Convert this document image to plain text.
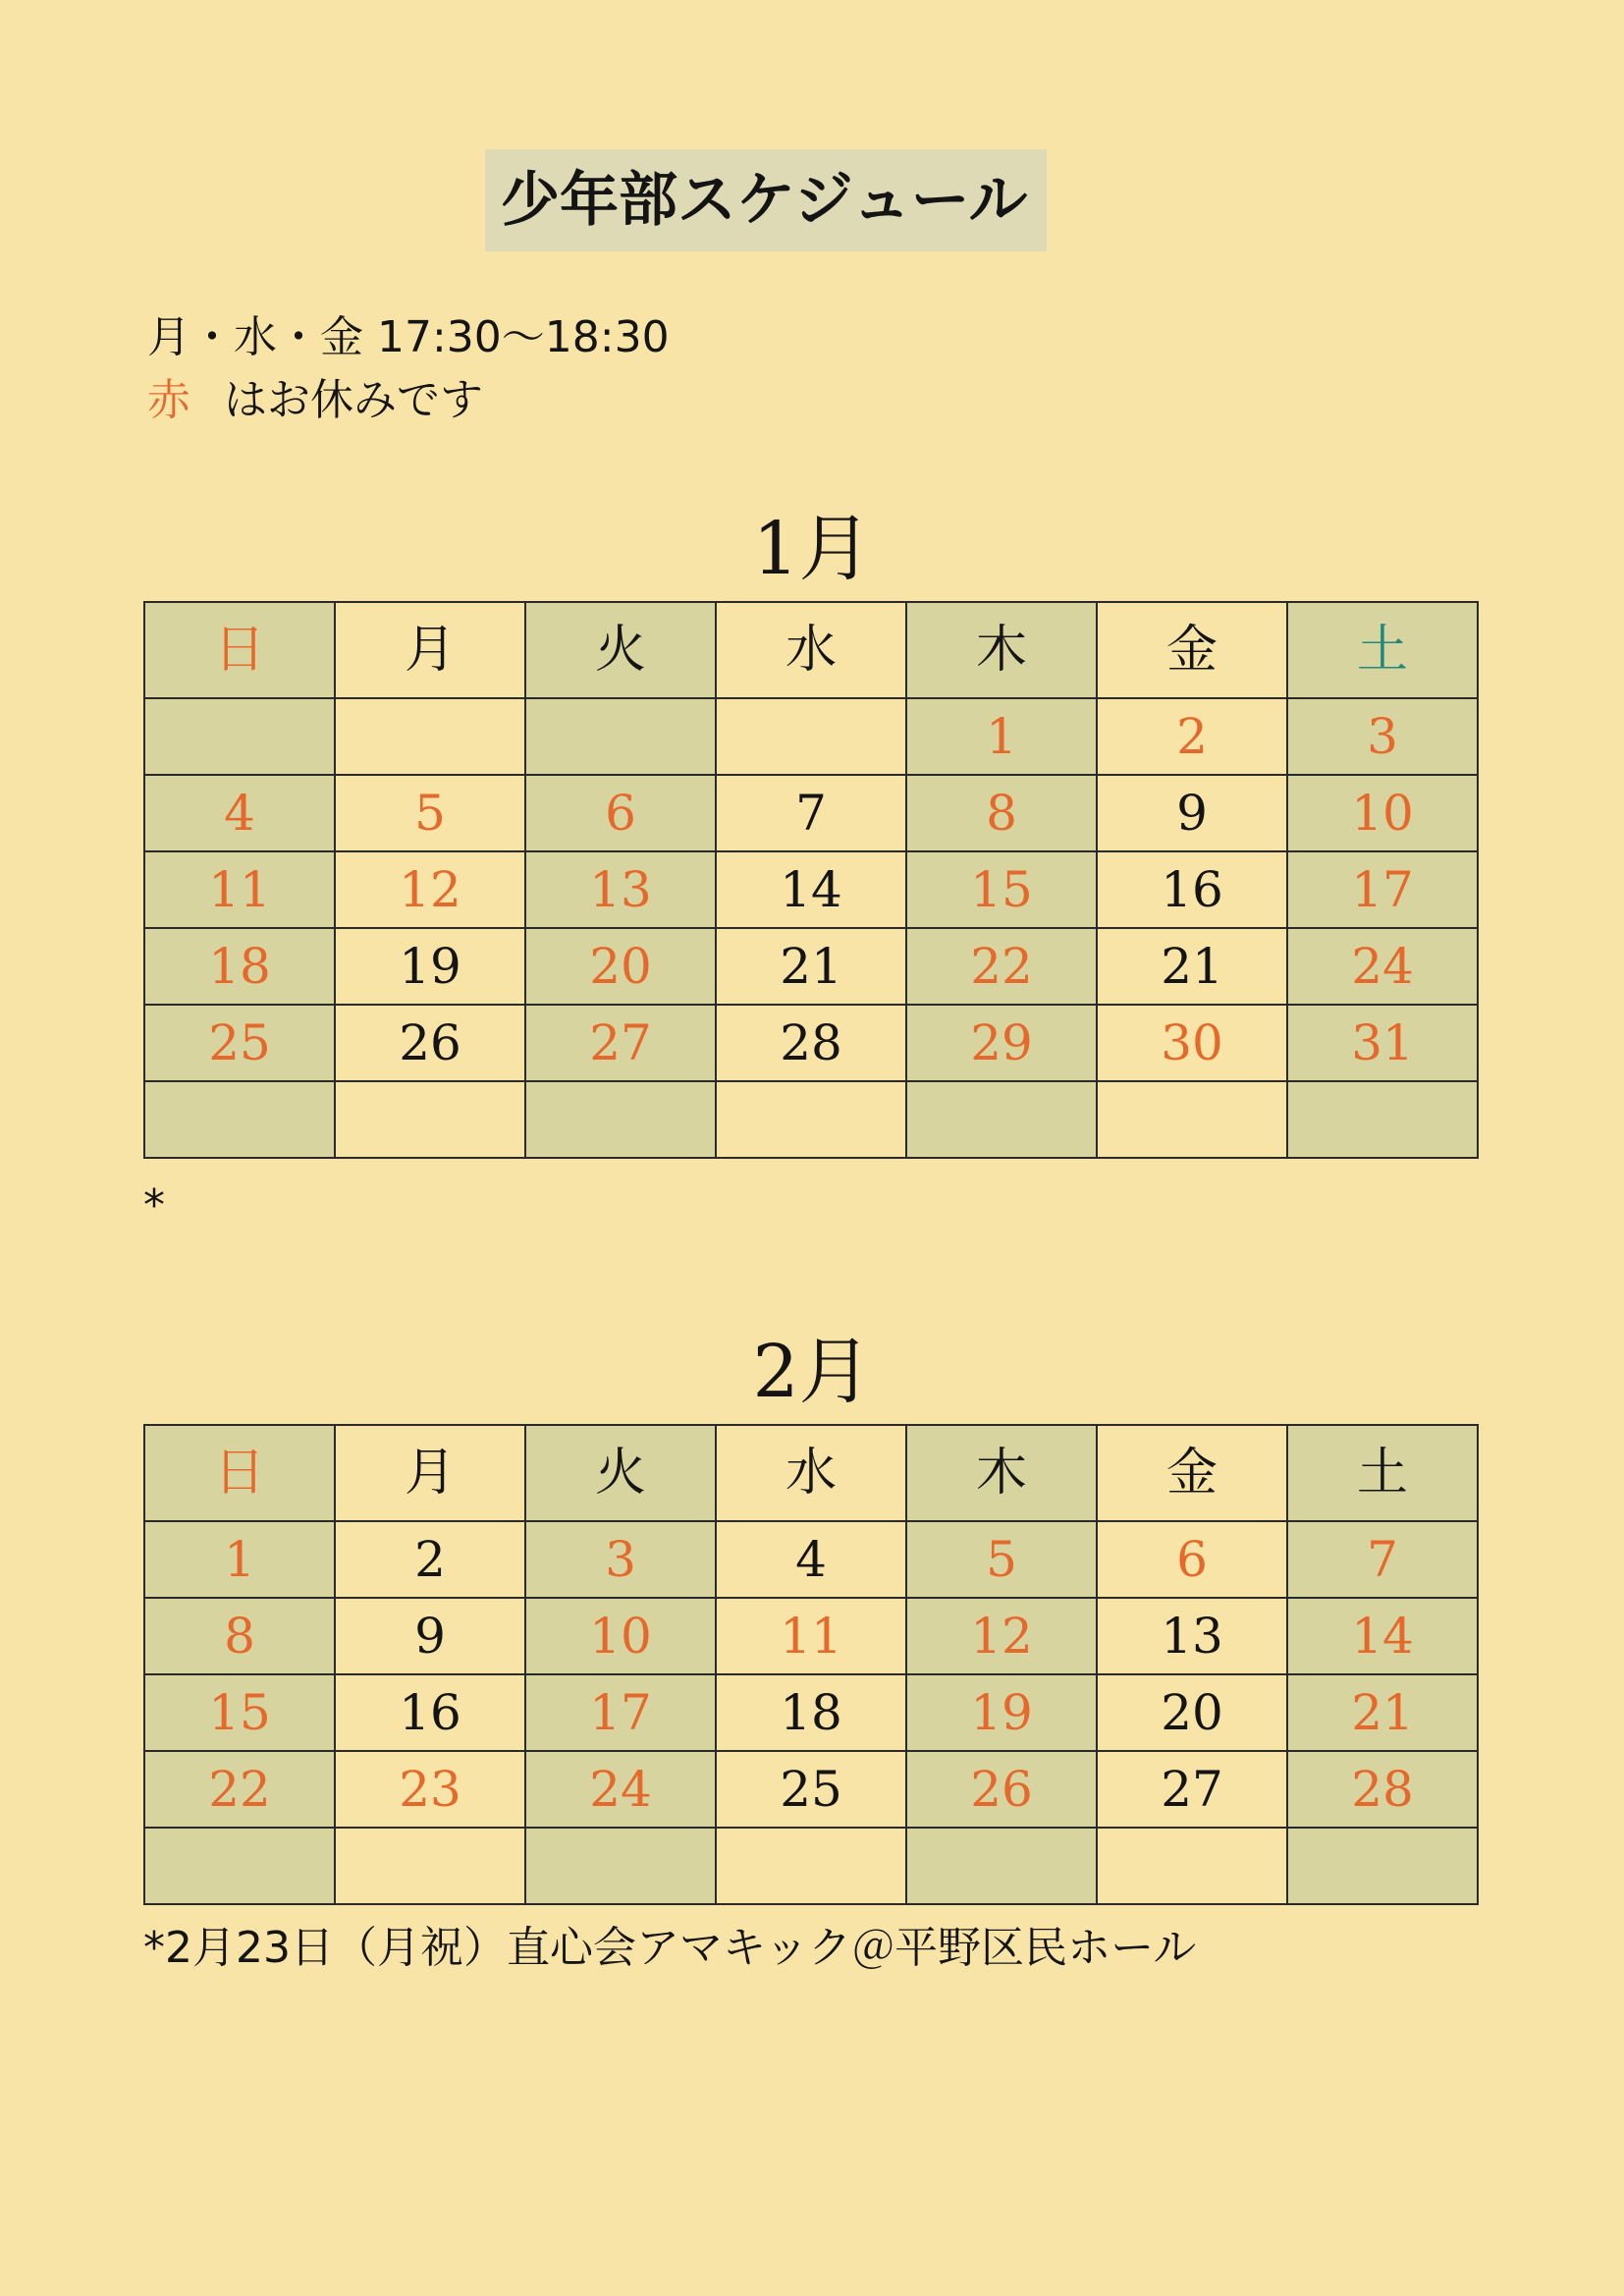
少年部スケジュール
月・水・金 17:30〜18:30
赤 はお休みです
1月
日	月	火	水	木	金	土
				1	2	3
4	5	6	7	8	9	10
11	12	13	14	15	16	17
18	19	20	21	22	21	24
25	26	27	28	29	30	31

*
2月
日	月	火	水	木	金	土
1	2	3	4	5	6	7
8	9	10	11	12	13	14
15	16	17	18	19	20	21
22	23	24	25	26	27	28

*2月23日（月祝）直心会アマキック＠平野区民ホール
